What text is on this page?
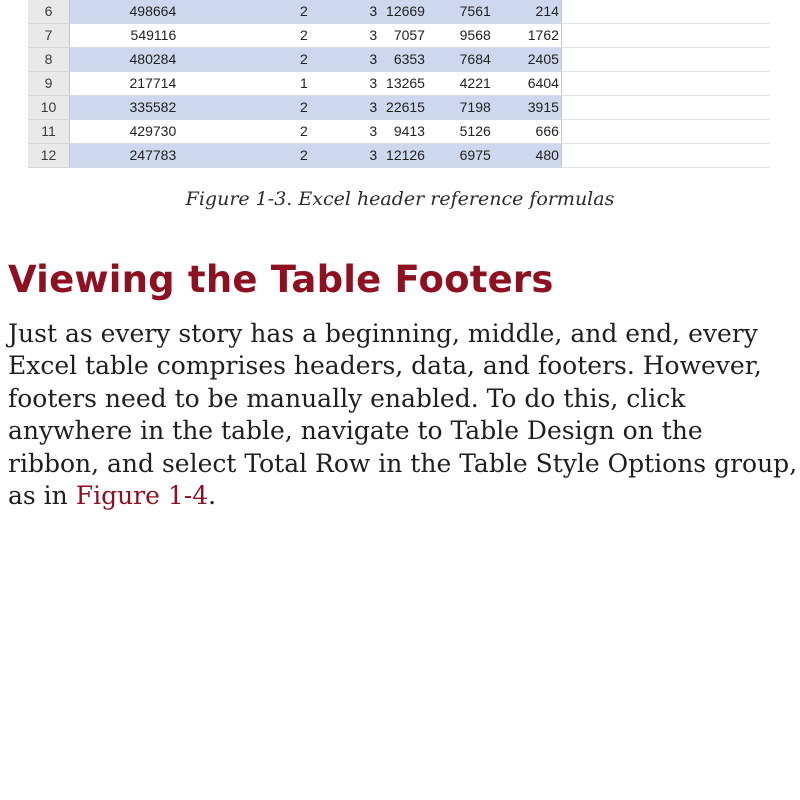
6	498664	2	3	12669	7561	214	
7	549116	2	3	7057	9568	1762	
8	480284	2	3	6353	7684	2405	
9	217714	1	3	13265	4221	6404	
10	335582	2	3	22615	7198	3915	
11	429730	2	3	9413	5126	666	
12	247783	2	3	12126	6975	480	
Figure 1-3. Excel header reference formulas
Viewing the Table Footers

Just as every story has a beginning, middle, and end, every Excel table comprises headers, data, and footers. However, footers need to be manually enabled. To do this, click anywhere in the table, navigate to Table Design on the ribbon, and select Total Row in the Table Style Options group, as in Figure 1-4.
